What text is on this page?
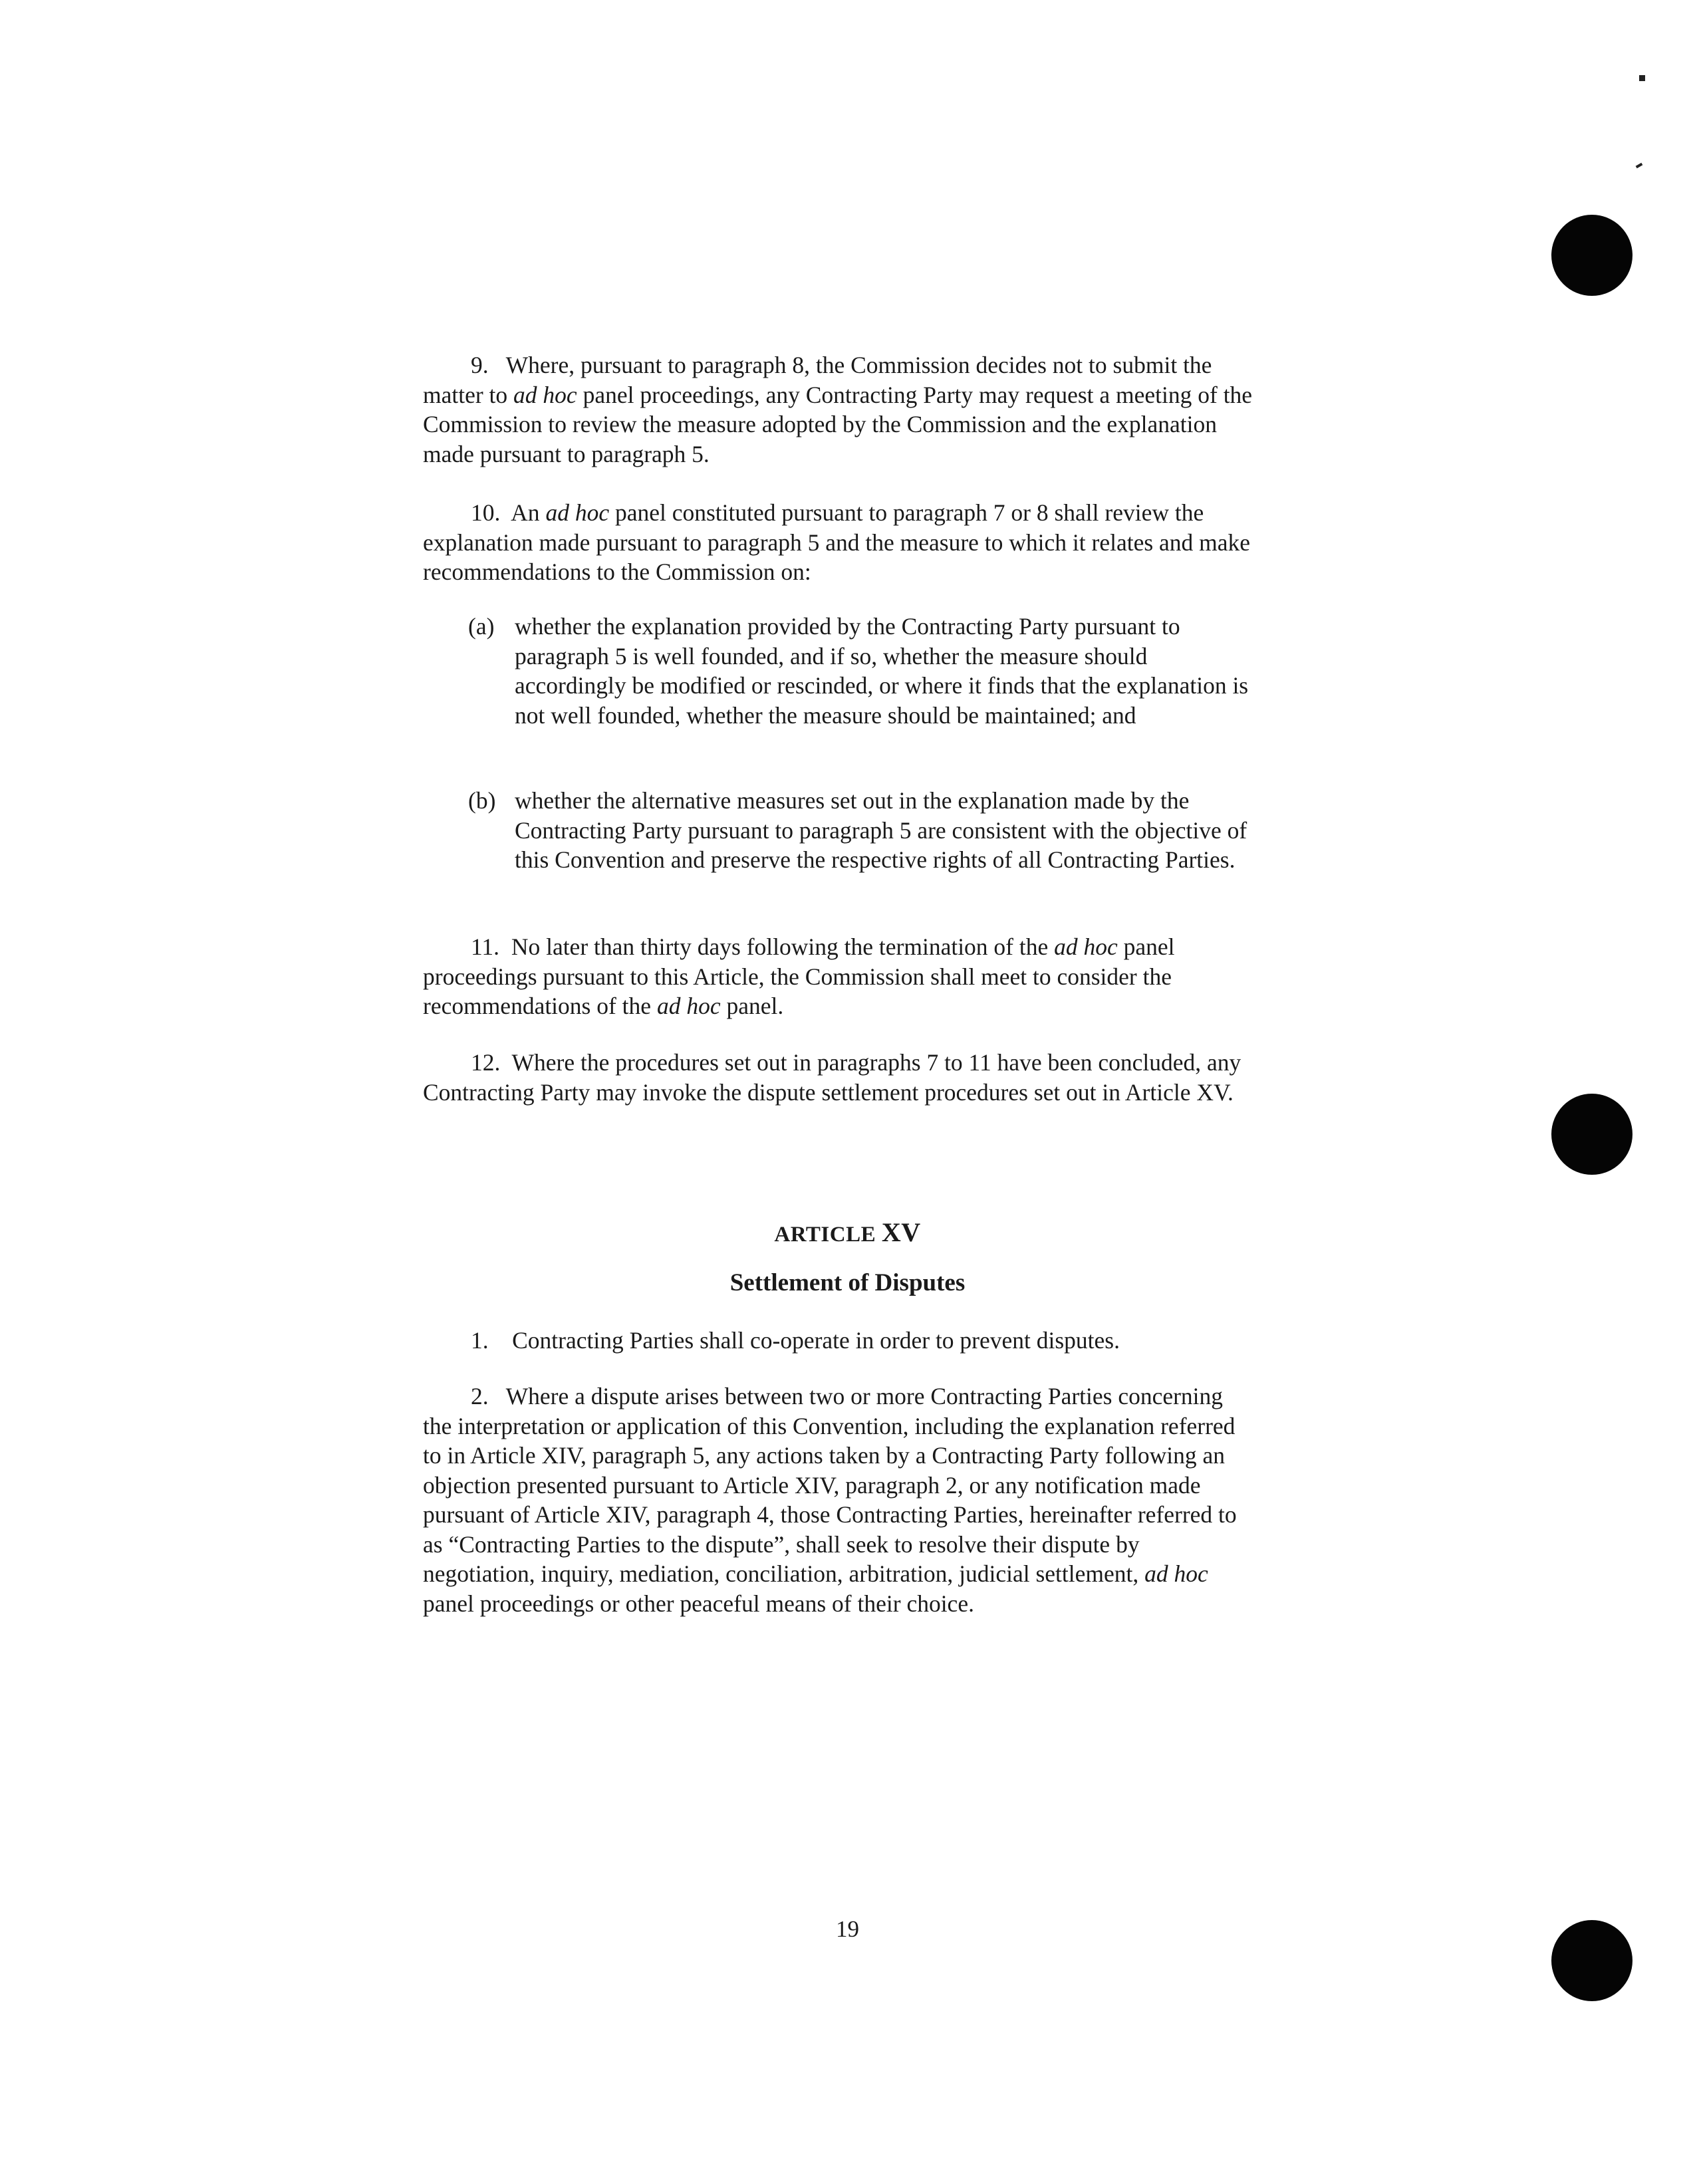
9. Where, pursuant to paragraph 8, the Commission decides not to submit the matter to ad hoc panel proceedings, any Contracting Party may request a meeting of the Commission to review the measure adopted by the Commission and the explanation made pursuant to paragraph 5.

10. An ad hoc panel constituted pursuant to paragraph 7 or 8 shall review the explanation made pursuant to paragraph 5 and the measure to which it relates and make recommendations to the Commission on:

(a) whether the explanation provided by the Contracting Party pursuant to paragraph 5 is well founded, and if so, whether the measure should accordingly be modified or rescinded, or where it finds that the explanation is not well founded, whether the measure should be maintained; and
(b) whether the alternative measures set out in the explanation made by the Contracting Party pursuant to paragraph 5 are consistent with the objective of this Convention and preserve the respective rights of all Contracting Parties.

11. No later than thirty days following the termination of the ad hoc panel proceedings pursuant to this Article, the Commission shall meet to consider the recommendations of the ad hoc panel.

12. Where the procedures set out in paragraphs 7 to 11 have been concluded, any Contracting Party may invoke the dispute settlement procedures set out in Article XV.

ARTICLE XV
Settlement of Disputes

1. Contracting Parties shall co-operate in order to prevent disputes.

2. Where a dispute arises between two or more Contracting Parties concerning the interpretation or application of this Convention, including the explanation referred to in Article XIV, paragraph 5, any actions taken by a Contracting Party following an objection presented pursuant to Article XIV, paragraph 2, or any notification made pursuant of Article XIV, paragraph 4, those Contracting Parties, hereinafter referred to as “Contracting Parties to the dispute”, shall seek to resolve their dispute by negotiation, inquiry, mediation, conciliation, arbitration, judicial settlement, ad hoc panel proceedings or other peaceful means of their choice.

19
